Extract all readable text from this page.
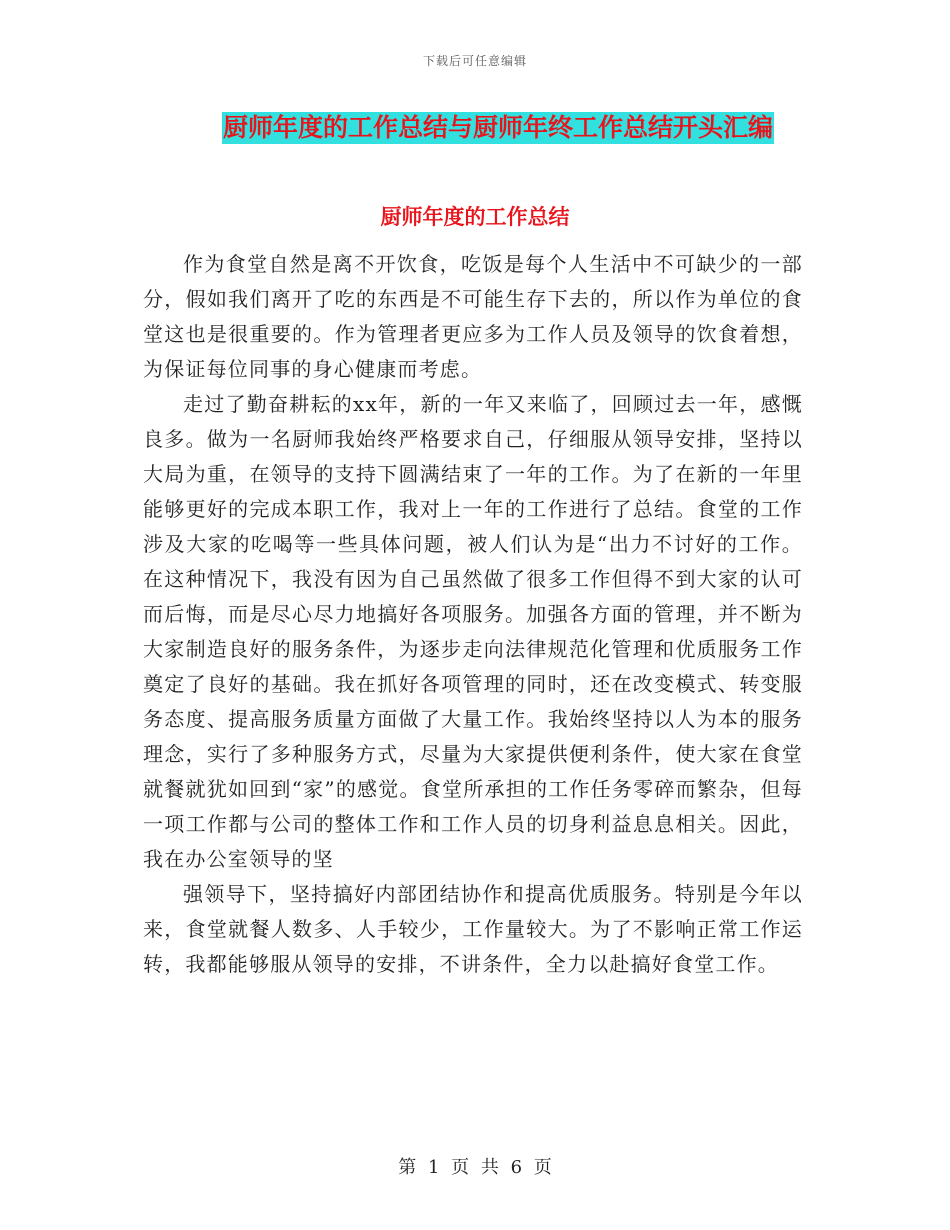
下载后可任意编辑
厨师年度的工作总结与厨师年终工作总结开头汇编
厨师年度的工作总结

作为食堂自然是离不开饮食，吃饭是每个人生活中不可缺少的一部分，假如我们离开了吃的东西是不可能生存下去的，所以作为单位的食堂这也是很重要的。作为管理者更应多为工作人员及领导的饮食着想，为保证每位同事的身心健康而考虑。

走过了勤奋耕耘的xx年，新的一年又来临了，回顾过去一年，感慨良多。做为一名厨师我始终严格要求自己，仔细服从领导安排，坚持以大局为重，在领导的支持下圆满结束了一年的工作。为了在新的一年里能够更好的完成本职工作，我对上一年的工作进行了总结。食堂的工作涉及大家的吃喝等一些具体问题，被人们认为是“出力不讨好的工作。在这种情况下，我没有因为自己虽然做了很多工作但得不到大家的认可而后悔，而是尽心尽力地搞好各项服务。加强各方面的管理，并不断为大家制造良好的服务条件，为逐步走向法律规范化管理和优质服务工作奠定了良好的基础。我在抓好各项管理的同时，还在改变模式、转变服务态度、提高服务质量方面做了大量工作。我始终坚持以人为本的服务理念，实行了多种服务方式，尽量为大家提供便利条件，使大家在食堂就餐就犹如回到“家”的感觉。食堂所承担的工作任务零碎而繁杂，但每一项工作都与公司的整体工作和工作人员的切身利益息息相关。因此，我在办公室领导的坚

强领导下，坚持搞好内部团结协作和提高优质服务。特别是今年以来，食堂就餐人数多、人手较少，工作量较大。为了不影响正常工作运转，我都能够服从领导的安排，不讲条件，全力以赴搞好食堂工作。

第 1 页 共 6 页
